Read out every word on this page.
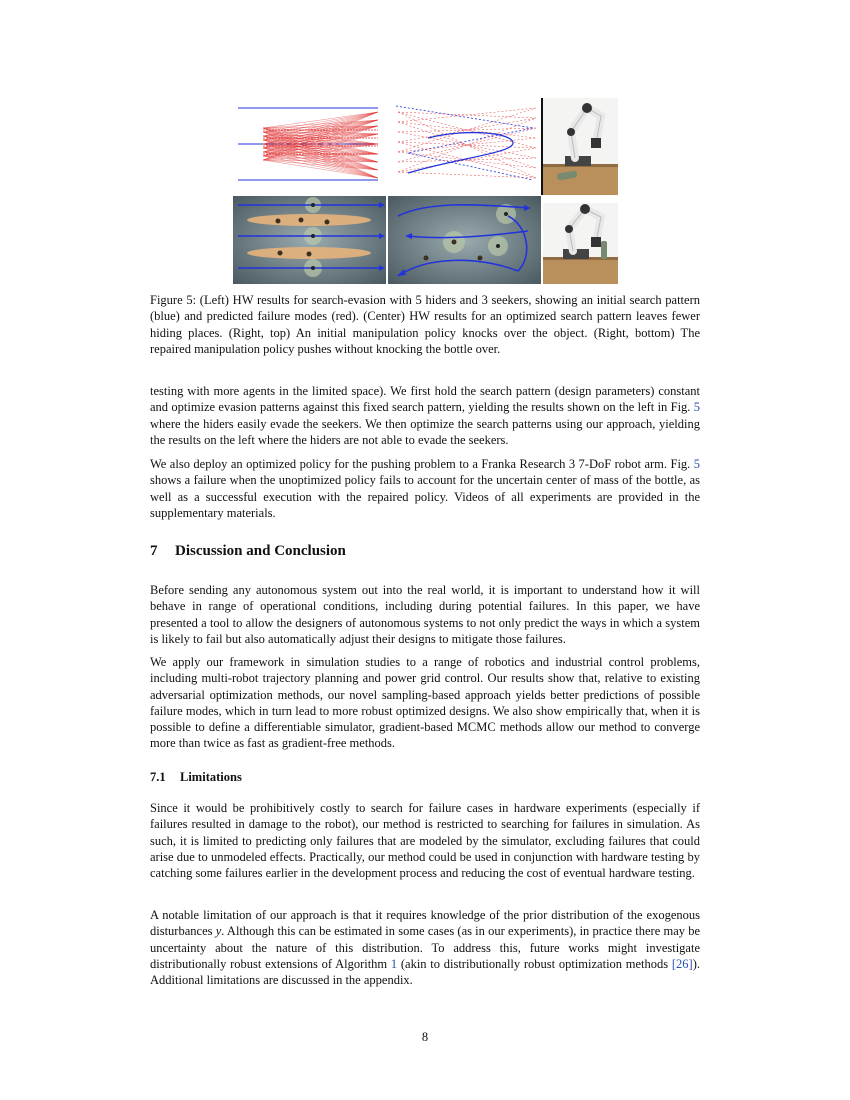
Figure 5: (Left) HW results for search-evasion with 5 hiders and 3 seekers, showing an initial search pattern (blue) and predicted failure modes (red). (Center) HW results for an optimized search pattern leaves fewer hiding places. (Right, top) An initial manipulation policy knocks over the object. (Right, bottom) The repaired manipulation policy pushes without knocking the bottle over.

testing with more agents in the limited space). We first hold the search pattern (design parameters) constant and optimize evasion patterns against this fixed search pattern, yielding the results shown on the left in Fig. 5 where the hiders easily evade the seekers. We then optimize the search patterns using our approach, yielding the results on the left where the hiders are not able to evade the seekers.

We also deploy an optimized policy for the pushing problem to a Franka Research 3 7-DoF robot arm. Fig. 5 shows a failure when the unoptimized policy fails to account for the uncertain center of mass of the bottle, as well as a successful execution with the repaired policy. Videos of all experiments are provided in the supplementary materials.

7 Discussion and Conclusion

Before sending any autonomous system out into the real world, it is important to understand how it will behave in range of operational conditions, including during potential failures. In this paper, we have presented a tool to allow the designers of autonomous systems to not only predict the ways in which a system is likely to fail but also automatically adjust their designs to mitigate those failures.

We apply our framework in simulation studies to a range of robotics and industrial control problems, including multi-robot trajectory planning and power grid control. Our results show that, relative to existing adversarial optimization methods, our novel sampling-based approach yields better predictions of possible failure modes, which in turn lead to more robust optimized designs. We also show empirically that, when it is possible to define a differentiable simulator, gradient-based MCMC methods allow our method to converge more than twice as fast as gradient-free methods.

7.1 Limitations

Since it would be prohibitively costly to search for failure cases in hardware experiments (especially if failures resulted in damage to the robot), our method is restricted to searching for failures in simulation. As such, it is limited to predicting only failures that are modeled by the simulator, excluding failures that could arise due to unmodeled effects. Practically, our method could be used in conjunction with hardware testing by catching some failures earlier in the development process and reducing the cost of eventual hardware testing.

A notable limitation of our approach is that it requires knowledge of the prior distribution of the exogenous disturbances y. Although this can be estimated in some cases (as in our experiments), in practice there may be uncertainty about the nature of this distribution. To address this, future works might investigate distributionally robust extensions of Algorithm 1 (akin to distributionally robust optimization methods [26]). Additional limitations are discussed in the appendix.

8
